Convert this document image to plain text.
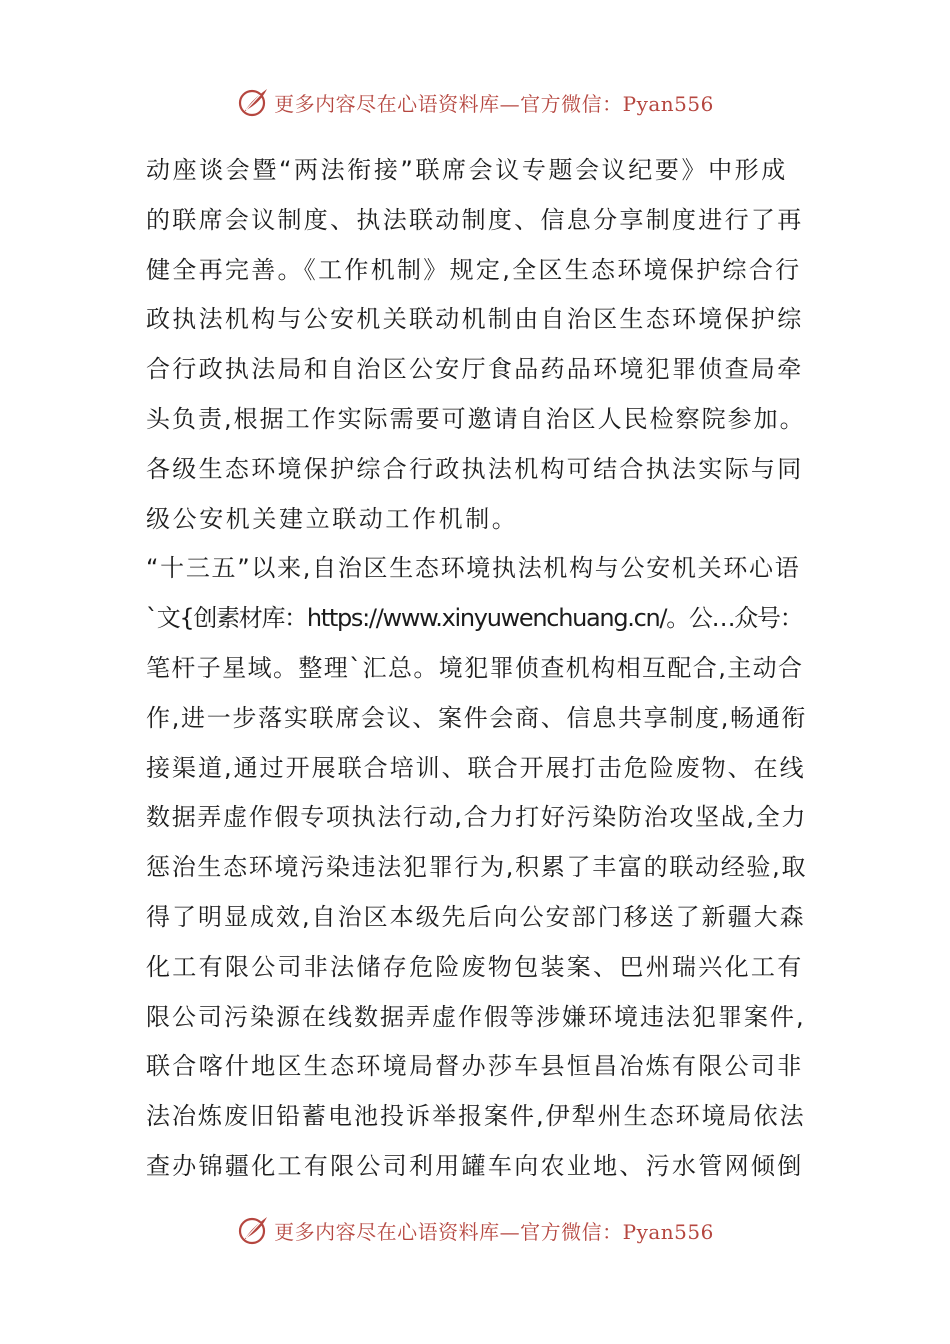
更多内容尽在心语资料库—官方微信：Pyan556
动座谈会暨“两法衔接”联席会议专题会议纪要》中形成
的联席会议制度、执法联动制度、信息分享制度进行了再
健全再完善。《工作机制》规定,全区生态环境保护综合行
政执法机构与公安机关联动机制由自治区生态环境保护综
合行政执法局和自治区公安厅食品药品环境犯罪侦查局牵
头负责,根据工作实际需要可邀请自治区人民检察院参加。
各级生态环境保护综合行政执法机构可结合执法实际与同
级公安机关建立联动工作机制。
“十三五”以来,自治区生态环境执法机构与公安机关环心语
`文{创素材库：https://www.xinyuwenchuang.cn/。公…众号：
笔杆子星域。整理`汇总。境犯罪侦查机构相互配合,主动合
作,进一步落实联席会议、案件会商、信息共享制度,畅通衔
接渠道,通过开展联合培训、联合开展打击危险废物、在线
数据弄虚作假专项执法行动,合力打好污染防治攻坚战,全力
惩治生态环境污染违法犯罪行为,积累了丰富的联动经验,取
得了明显成效,自治区本级先后向公安部门移送了新疆大森
化工有限公司非法储存危险废物包装案、巴州瑞兴化工有
限公司污染源在线数据弄虚作假等涉嫌环境违法犯罪案件,
联合喀什地区生态环境局督办莎车县恒昌冶炼有限公司非
法冶炼废旧铅蓄电池投诉举报案件,伊犁州生态环境局依法
查办锦疆化工有限公司利用罐车向农业地、污水管网倾倒
更多内容尽在心语资料库—官方微信：Pyan556
